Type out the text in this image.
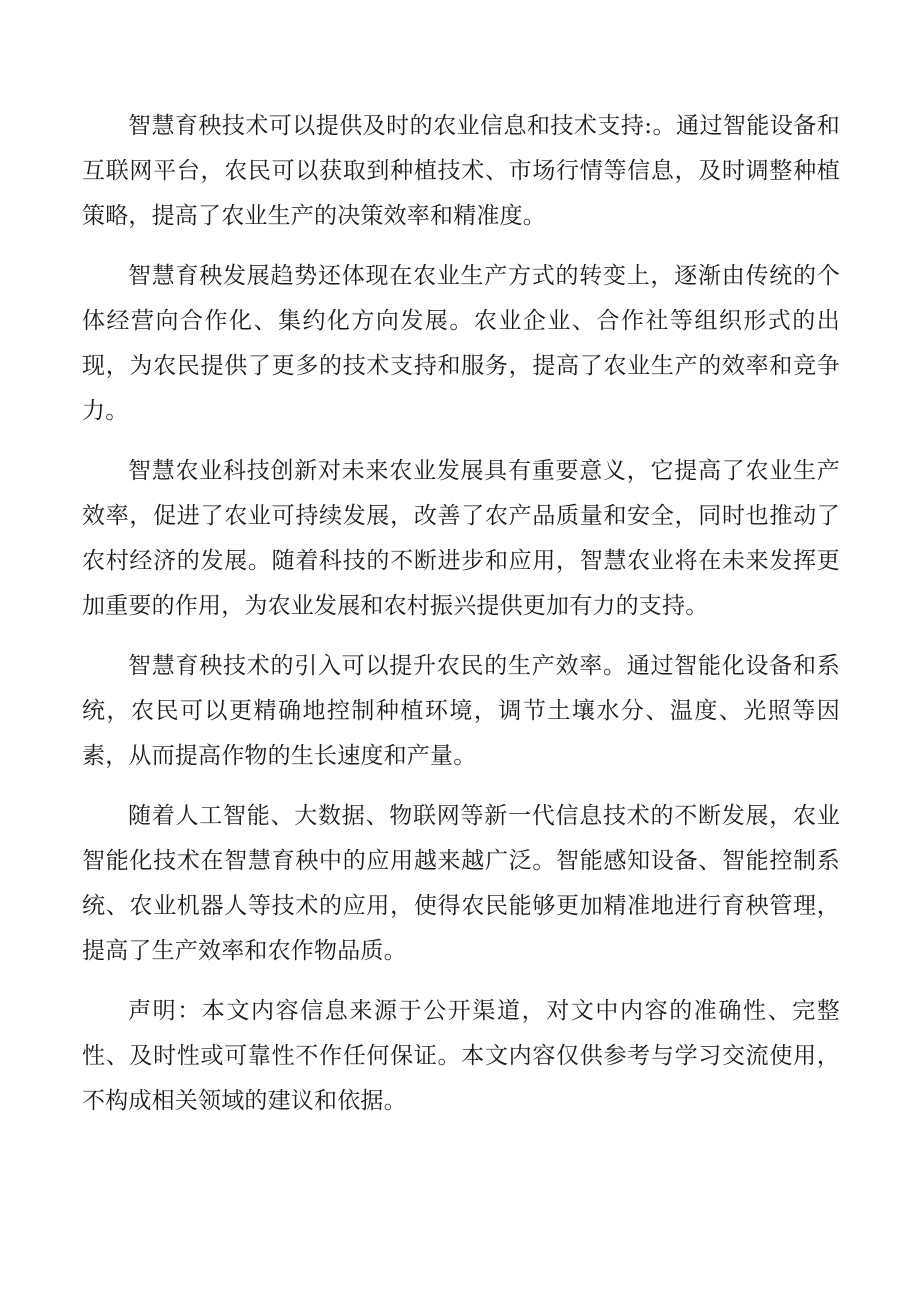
智慧育秧技术可以提供及时的农业信息和技术支持:。通过智能设备和互联网平台，农民可以获取到种植技术、市场行情等信息，及时调整种植策略，提高了农业生产的决策效率和精准度。

智慧育秧发展趋势还体现在农业生产方式的转变上，逐渐由传统的个体经营向合作化、集约化方向发展。农业企业、合作社等组织形式的出现，为农民提供了更多的技术支持和服务，提高了农业生产的效率和竞争力。

智慧农业科技创新对未来农业发展具有重要意义，它提高了农业生产效率，促进了农业可持续发展，改善了农产品质量和安全，同时也推动了农村经济的发展。随着科技的不断进步和应用，智慧农业将在未来发挥更加重要的作用，为农业发展和农村振兴提供更加有力的支持。

智慧育秧技术的引入可以提升农民的生产效率。通过智能化设备和系统，农民可以更精确地控制种植环境，调节土壤水分、温度、光照等因素，从而提高作物的生长速度和产量。

随着人工智能、大数据、物联网等新一代信息技术的不断发展，农业智能化技术在智慧育秧中的应用越来越广泛。智能感知设备、智能控制系统、农业机器人等技术的应用，使得农民能够更加精准地进行育秧管理，提高了生产效率和农作物品质。

声明：本文内容信息来源于公开渠道，对文中内容的准确性、完整性、及时性或可靠性不作任何保证。本文内容仅供参考与学习交流使用，不构成相关领域的建议和依据。
